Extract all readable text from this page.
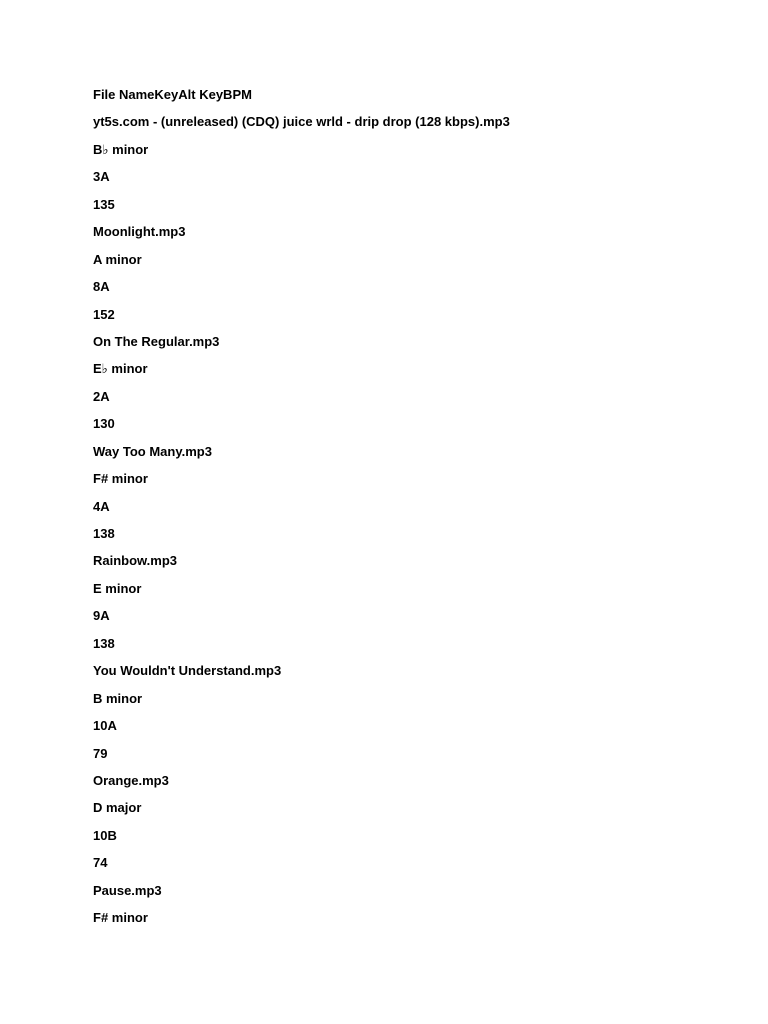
File NameKeyAlt KeyBPM
yt5s.com - (unreleased) (CDQ) juice wrld - drip drop (128 kbps).mp3
B♭ minor
3A
135
Moonlight.mp3
A minor
8A
152
On The Regular.mp3
E♭ minor
2A
130
Way Too Many.mp3
F# minor
4A
138
Rainbow.mp3
E minor
9A
138
You Wouldn't Understand.mp3
B minor
10A
79
Orange.mp3
D major
10B
74
Pause.mp3
F# minor
